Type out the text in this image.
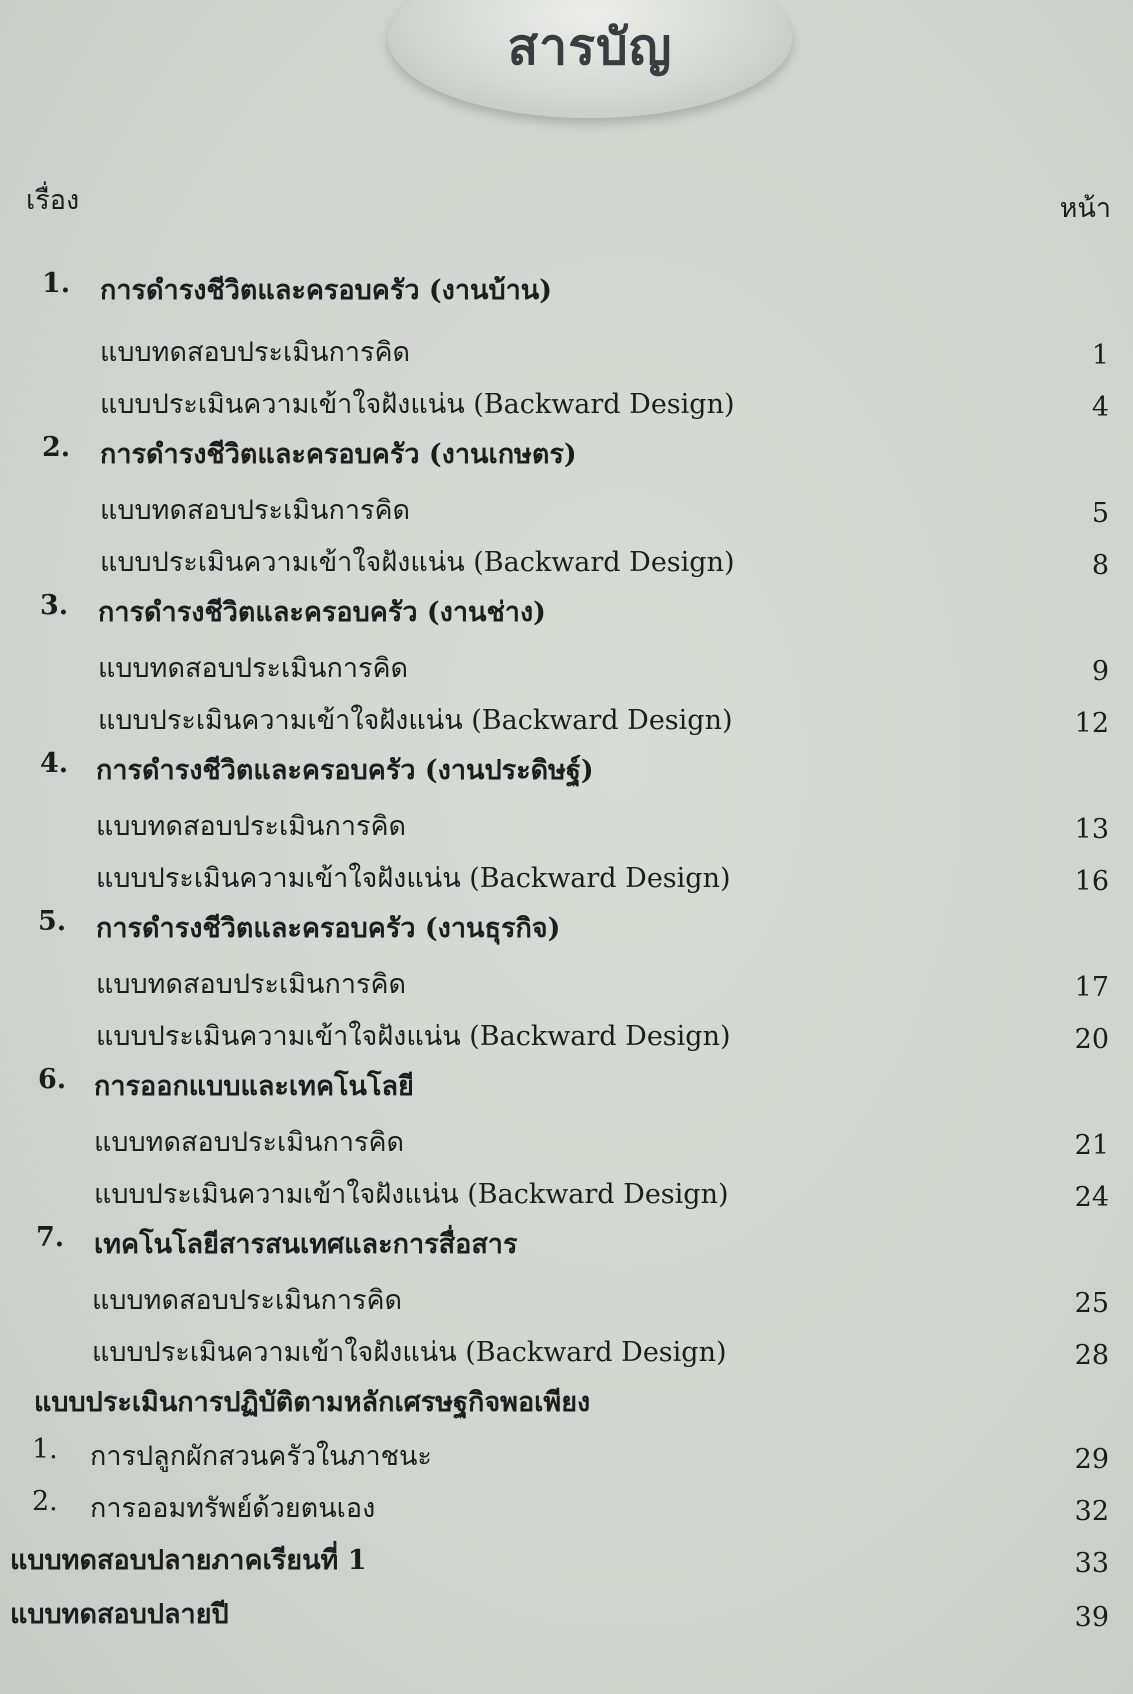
สารบัญ
เรื่อง	หน้า
1. การดำรงชีวิตและครอบครัว (งานบ้าน)
แบบทดสอบประเมินการคิด	1
แบบประเมินความเข้าใจฝังแน่น (Backward Design)	4
2. การดำรงชีวิตและครอบครัว (งานเกษตร)
แบบทดสอบประเมินการคิด	5
แบบประเมินความเข้าใจฝังแน่น (Backward Design)	8
3. การดำรงชีวิตและครอบครัว (งานช่าง)
แบบทดสอบประเมินการคิด	9
แบบประเมินความเข้าใจฝังแน่น (Backward Design)	12
4. การดำรงชีวิตและครอบครัว (งานประดิษฐ์)
แบบทดสอบประเมินการคิด	13
แบบประเมินความเข้าใจฝังแน่น (Backward Design)	16
5. การดำรงชีวิตและครอบครัว (งานธุรกิจ)
แบบทดสอบประเมินการคิด	17
แบบประเมินความเข้าใจฝังแน่น (Backward Design)	20
6. การออกแบบและเทคโนโลยี
แบบทดสอบประเมินการคิด	21
แบบประเมินความเข้าใจฝังแน่น (Backward Design)	24
7. เทคโนโลยีสารสนเทศและการสื่อสาร
แบบทดสอบประเมินการคิด	25
แบบประเมินความเข้าใจฝังแน่น (Backward Design)	28
แบบประเมินการปฏิบัติตามหลักเศรษฐกิจพอเพียง
1. การปลูกผักสวนครัวในภาชนะ	29
2. การออมทรัพย์ด้วยตนเอง	32
แบบทดสอบปลายภาคเรียนที่ 1	33
แบบทดสอบปลายปี	39
